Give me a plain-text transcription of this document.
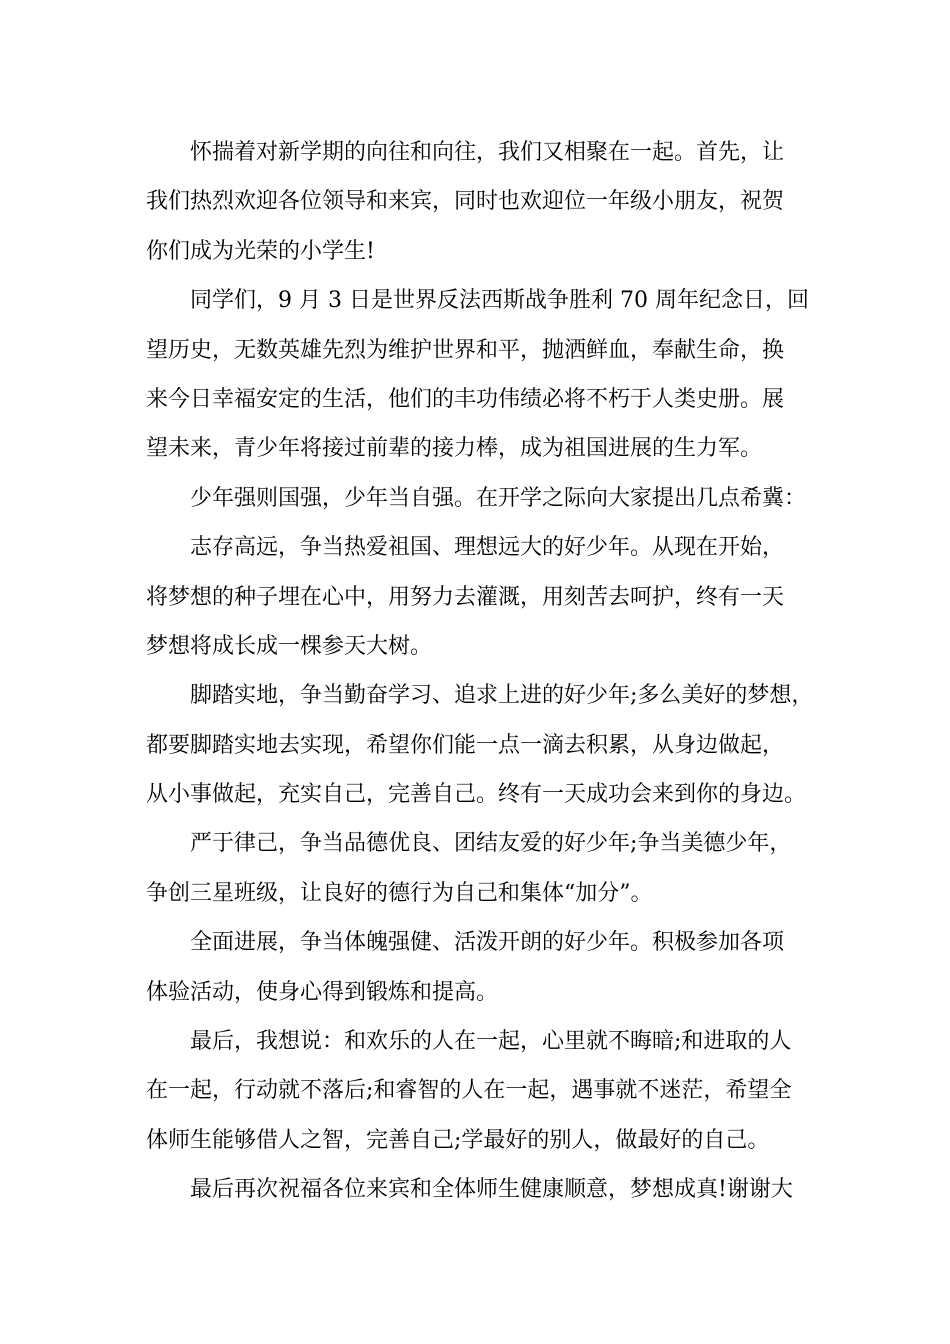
怀揣着对新学期的向往和向往，我们又相聚在一起。首先，让
我们热烈欢迎各位领导和来宾，同时也欢迎位一年级小朋友，祝贺
你们成为光荣的小学生!
同学们，9 月 3 日是世界反法西斯战争胜利 70 周年纪念日，回
望历史，无数英雄先烈为维护世界和平，抛洒鲜血，奉献生命，换
来今日幸福安定的生活，他们的丰功伟绩必将不朽于人类史册。展
望未来，青少年将接过前辈的接力棒，成为祖国进展的生力军。
少年强则国强，少年当自强。在开学之际向大家提出几点希冀：
志存高远，争当热爱祖国、理想远大的好少年。从现在开始，
将梦想的种子埋在心中，用努力去灌溉，用刻苦去呵护，终有一天
梦想将成长成一棵参天大树。
脚踏实地，争当勤奋学习、追求上进的好少年;多么美好的梦想，
都要脚踏实地去实现，希望你们能一点一滴去积累，从身边做起，
从小事做起，充实自己，完善自己。终有一天成功会来到你的身边。
严于律己，争当品德优良、团结友爱的好少年;争当美德少年，
争创三星班级，让良好的德行为自己和集体“加分”。
全面进展，争当体魄强健、活泼开朗的好少年。积极参加各项
体验活动，使身心得到锻炼和提高。
最后，我想说：和欢乐的人在一起，心里就不晦暗;和进取的人
在一起，行动就不落后;和睿智的人在一起，遇事就不迷茫，希望全
体师生能够借人之智，完善自己;学最好的别人，做最好的自己。
最后再次祝福各位来宾和全体师生健康顺意，梦想成真!谢谢大
